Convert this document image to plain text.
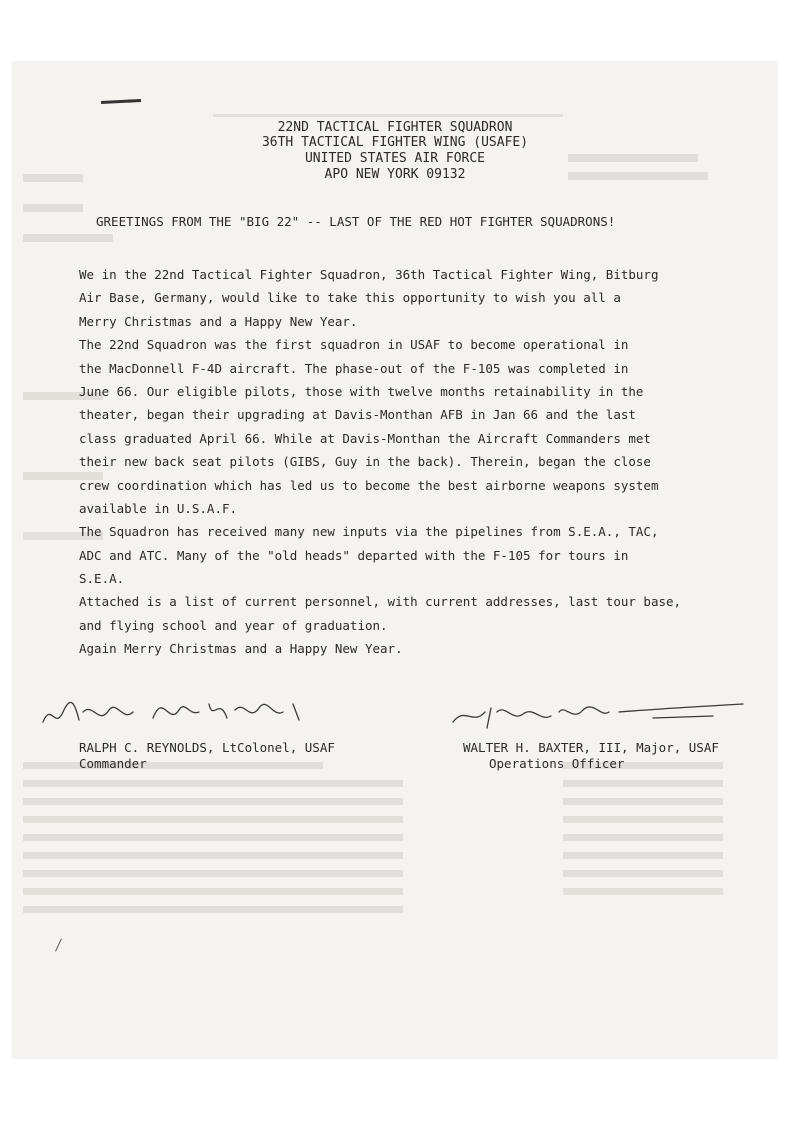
22ND TACTICAL FIGHTER SQUADRON
36TH TACTICAL FIGHTER WING (USAFE)
UNITED STATES AIR FORCE
APO NEW YORK 09132
GREETINGS FROM THE "BIG 22" -- LAST OF THE RED HOT FIGHTER SQUADRONS!
We in the 22nd Tactical Fighter Squadron, 36th Tactical Fighter Wing, Bitburg
Air Base, Germany, would like to take this opportunity to wish you all a
Merry Christmas and a Happy New Year.
The 22nd Squadron was the first squadron in USAF to become operational in
the MacDonnell F-4D aircraft. The phase-out of the F-105 was completed in
June 66. Our eligible pilots, those with twelve months retainability in the
theater, began their upgrading at Davis-Monthan AFB in Jan 66 and the last
class graduated April 66. While at Davis-Monthan the Aircraft Commanders met
their new back seat pilots (GIBS, Guy in the back). Therein, began the close
crew coordination which has led us to become the best airborne weapons system
available in U.S.A.F.
The Squadron has received many new inputs via the pipelines from S.E.A., TAC,
ADC and ATC. Many of the "old heads" departed with the F-105 for tours in
S.E.A.
Attached is a list of current personnel, with current addresses, last tour base,
and flying school and year of graduation.
Again Merry Christmas and a Happy New Year.
RALPH C. REYNOLDS, LtColonel, USAF
Commander
WALTER H. BAXTER, III, Major, USAF
Operations Officer
